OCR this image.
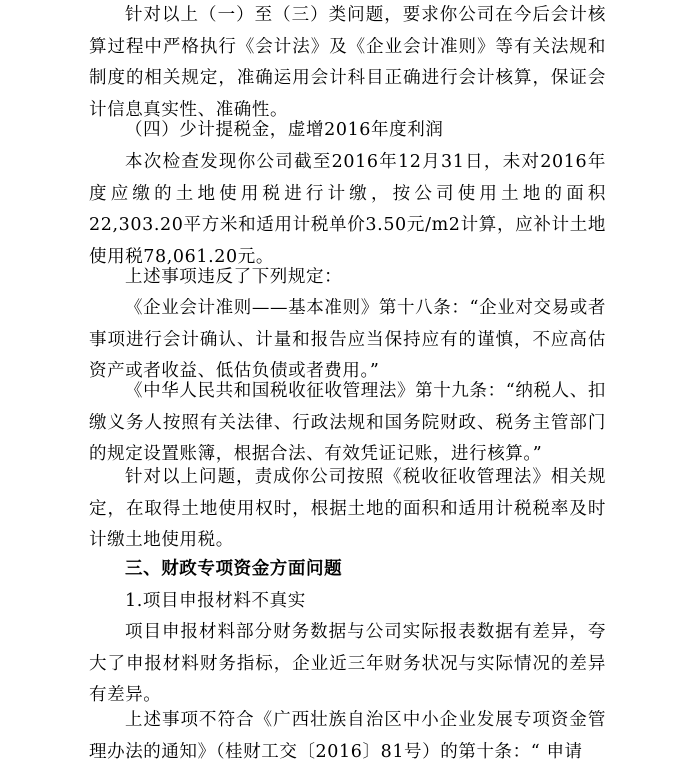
针对以上（一）至（三）类问题，要求你公司在今后会计核算过程中严格执行《会计法》及《企业会计准则》等有关法规和制度的相关规定，准确运用会计科目正确进行会计核算，保证会计信息真实性、准确性。

（四）少计提税金，虚增2016年度利润

本次检查发现你公司截至2016年12月31日，未对2016年度应缴的土地使用税进行计缴，按公司使用土地的面积22,303.20平方米和适用计税单价3.50元/m2计算，应补计土地使用税78,061.20元。

上述事项违反了下列规定：

《企业会计准则——基本准则》第十八条：“企业对交易或者事项进行会计确认、计量和报告应当保持应有的谨慎，不应高估资产或者收益、低估负债或者费用。”

《中华人民共和国税收征收管理法》第十九条：“纳税人、扣缴义务人按照有关法律、行政法规和国务院财政、税务主管部门的规定设置账簿，根据合法、有效凭证记账，进行核算。”

针对以上问题，责成你公司按照《税收征收管理法》相关规定，在取得土地使用权时，根据土地的面积和适用计税税率及时计缴土地使用税。

三、财政专项资金方面问题

1.项目申报材料不真实

项目申报材料部分财务数据与公司实际报表数据有差异，夸大了申报材料财务指标，企业近三年财务状况与实际情况的差异有差异。

上述事项不符合《广西壮族自治区中小企业发展专项资金管理办法的通知》（桂财工交〔2016〕81号）的第十条：“ 申请
